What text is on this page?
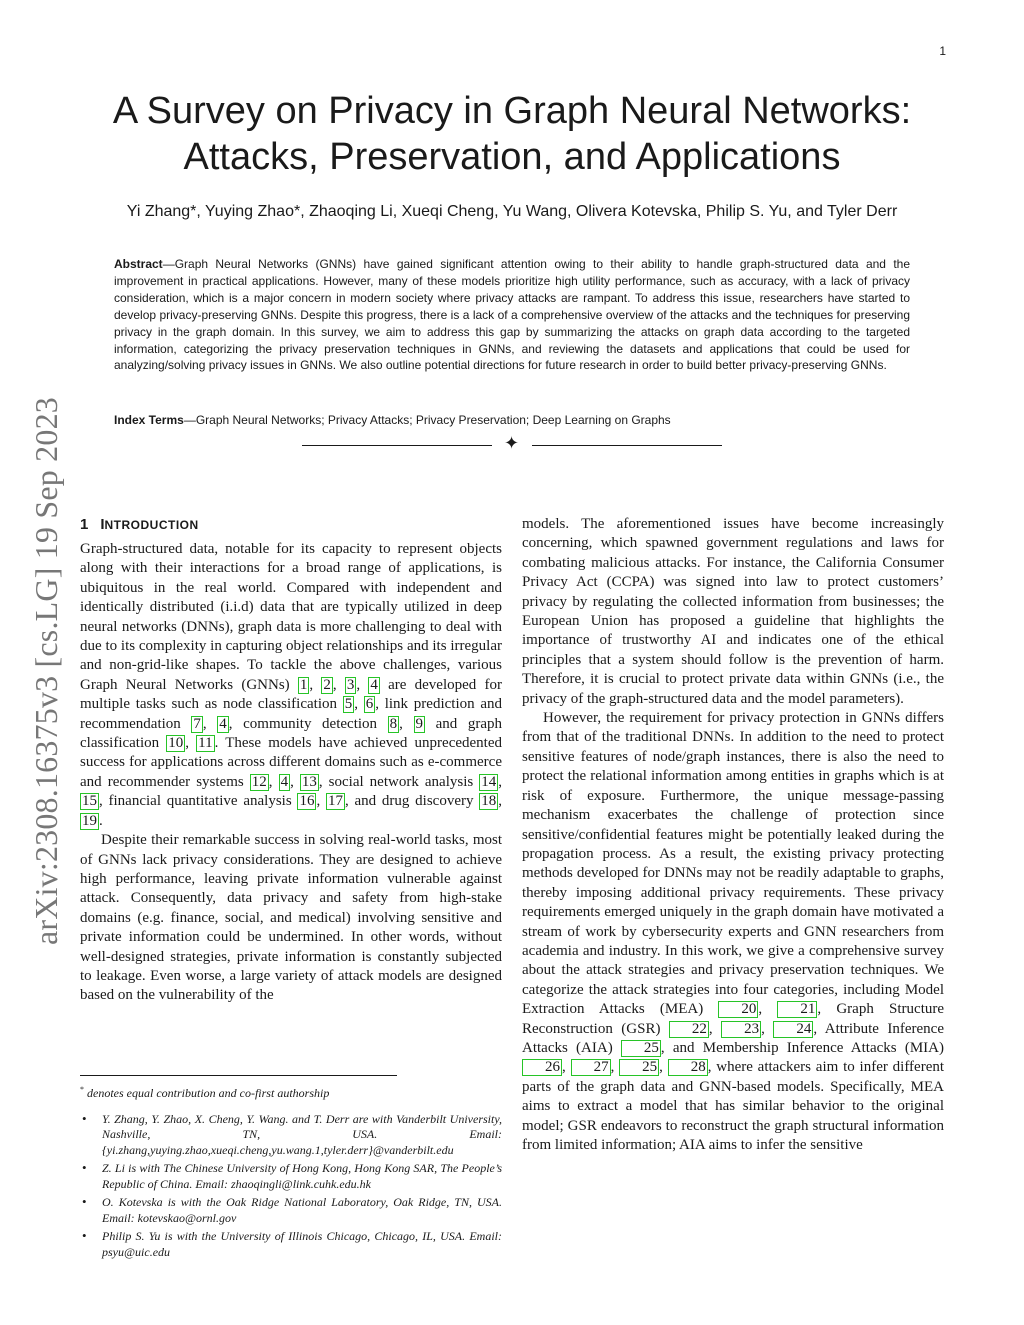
1
arXiv:2308.16375v3 [cs.LG] 19 Sep 2023
A Survey on Privacy in Graph Neural Networks:
Attacks, Preservation, and Applications
Yi Zhang*, Yuying Zhao*, Zhaoqing Li, Xueqi Cheng, Yu Wang, Olivera Kotevska, Philip S. Yu, and Tyler Derr
Abstract—Graph Neural Networks (GNNs) have gained significant attention owing to their ability to handle graph-structured data and the improvement in practical applications. However, many of these models prioritize high utility performance, such as accuracy, with a lack of privacy consideration, which is a major concern in modern society where privacy attacks are rampant. To address this issue, researchers have started to develop privacy-preserving GNNs. Despite this progress, there is a lack of a comprehensive overview of the attacks and the techniques for preserving privacy in the graph domain. In this survey, we aim to address this gap by summarizing the attacks on graph data according to the targeted information, categorizing the privacy preservation techniques in GNNs, and reviewing the datasets and applications that could be used for analyzing/solving privacy issues in GNNs. We also outline potential directions for future research in order to build better privacy-preserving GNNs.
Index Terms—Graph Neural Networks; Privacy Attacks; Privacy Preservation; Deep Learning on Graphs
✦
1 INTRODUCTION

Graph-structured data, notable for its capacity to represent objects along with their interactions for a broad range of applications, is ubiquitous in the real world. Compared with independent and identically distributed (i.i.d) data that are typically utilized in deep neural networks (DNNs), graph data is more challenging to deal with due to its complexity in capturing object relationships and its irregular and non-grid-like shapes. To tackle the above challenges, various Graph Neural Networks (GNNs) 1 , 2 , 3 , 4 are developed for multiple tasks such as node classification 5 , 6 , link prediction and recommendation 7 , 4 , community detection 8 , 9 and graph classification 10 , 11 . These models have achieved unprecedented success for applications across different domains such as e-commerce and recommender systems 12 , 4 , 13 , social network analysis 14 , 15 , financial quantitative analysis 16 , 17 , and drug discovery 18 , 19 .

Despite their remarkable success in solving real-world tasks, most of GNNs lack privacy considerations. They are designed to achieve high performance, leaving private information vulnerable against attack. Consequently, data privacy and safety from high-stake domains (e.g. finance, social, and medical) involving sensitive and private information could be undermined. In other words, without well-designed strategies, private information is constantly subjected to leakage. Even worse, a large variety of attack models are designed based on the vulnerability of the

models. The aforementioned issues have become increasingly concerning, which spawned government regulations and laws for combating malicious attacks. For instance, the California Consumer Privacy Act (CCPA) was signed into law to protect customers’ privacy by regulating the collected information from businesses; the European Union has proposed a guideline that highlights the importance of trustworthy AI and indicates one of the ethical principles that a system should follow is the prevention of harm. Therefore, it is crucial to protect private data within GNNs (i.e., the privacy of the graph-structured data and the model parameters).

However, the requirement for privacy protection in GNNs differs from that of the traditional DNNs. In addition to the need to protect sensitive features of node/graph instances, there is also the need to protect the relational information among entities in graphs which is at risk of exposure. Furthermore, the unique message-passing mechanism exacerbates the challenge of protection since sensitive/confidential features might be potentially leaked during the propagation process. As a result, the existing privacy protecting methods developed for DNNs may not be readily adaptable to graphs, thereby imposing additional privacy requirements. These privacy requirements emerged uniquely in the graph domain have motivated a stream of work by cybersecurity experts and GNN researchers from academia and industry. In this work, we give a comprehensive survey about the attack strategies and privacy preservation techniques. We categorize the attack strategies into four categories, including Model Extraction Attacks (MEA) 20 , 21 , Graph Structure Reconstruction (GSR) 22 , 23 , 24 , Attribute Inference Attacks (AIA) 25 , and Membership Inference Attacks (MIA) 26 , 27 , 25 , 28 , where attackers aim to infer different parts of the graph data and GNN-based models. Specifically, MEA aims to extract a model that has similar behavior to the original model; GSR endeavors to reconstruct the graph structural information from limited information; AIA aims to infer the sensitive

* denotes equal contribution and co-first authorship
• Y. Zhang, Y. Zhao, X. Cheng, Y. Wang. and T. Derr are with Vanderbilt University, Nashville, TN, USA. Email: {yi.zhang,yuying.zhao,xueqi.cheng,yu.wang.1,tyler.derr}@vanderbilt.edu
• Z. Li is with The Chinese University of Hong Kong, Hong Kong SAR, The People’s Republic of China. Email: zhaoqingli@link.cuhk.edu.hk
• O. Kotevska is with the Oak Ridge National Laboratory, Oak Ridge, TN, USA. Email: kotevskao@ornl.gov
• Philip S. Yu is with the University of Illinois Chicago, Chicago, IL, USA. Email: psyu@uic.edu
